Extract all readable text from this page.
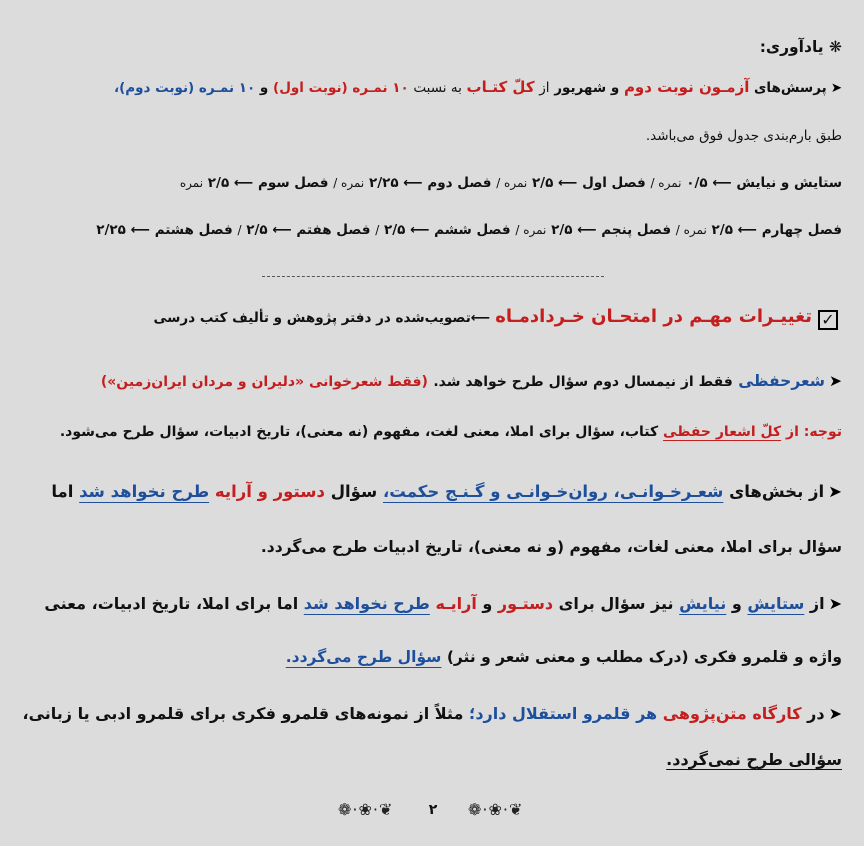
❋ یادآوری:
➤پرسش‌های آزمـون نوبت دوم و شهریور از کلّ کتـاب به نسبت ۱۰ نمـره (نوبت اول) و ۱۰ نمـره (نوبت دوم)،
طبق بارم‌بندی جدول فوق می‌باشد.
ستایش و نیایش ⟵ ۰/۵ نمره / فصل اول ⟵ ۲/۵ نمره / فصل دوم ⟵ ۲/۲۵ نمره / فصل سوم ⟵ ۲/۵ نمره
فصل چهارم ⟵ ۲/۵ نمره / فصل پنجم ⟵ ۲/۵ نمره / فصل ششم ⟵ ۲/۵ / فصل هفتم ⟵ ۲/۵ / فصل هشتم ⟵ ۲/۲۵
✓تغییـرات مهـم در امتحـان خـردادمـاه ⟵تصویب‌شده در دفتر پژوهش و تألیف کتب درسی
➤شعرحفظی فقط از نیمسال دوم سؤال طرح خواهد شد. (فقط شعرخوانی «دلیران و مردان ایران‌زمین»)
توجه: از کلّ اشعار حفظی کتاب، سؤال برای املا، معنی لغت، مفهوم (نه معنی)، تاریخ ادبیات، سؤال طرح می‌شود.
➤از بخش‌های شعـرخـوانـی، روان‌خـوانـی و گـنـج حکمت، سؤال دستور و آرایه طرح نخواهد شد اما
سؤال برای املا، معنی لغات، مفهوم (و نه معنی)، تاریخ ادبیات طرح می‌گردد.
➤از ستایش و نیایش نیز سؤال برای دستـور و آرایـه طرح نخواهد شد اما برای املا، تاریخ ادبیات، معنی
واژه و قلمرو فکری (درک مطلب و معنی شعر و نثر) سؤال طرح می‌گردد.
➤در کارگاه متن‌پژوهی هر قلمرو استقلال دارد؛ مثلاً از نمونه‌های قلمرو فکری برای قلمرو ادبی یا زبانی،
سؤالی طرح نمی‌گردد.
❦·❀·❁	۲	❦·❀·❁
